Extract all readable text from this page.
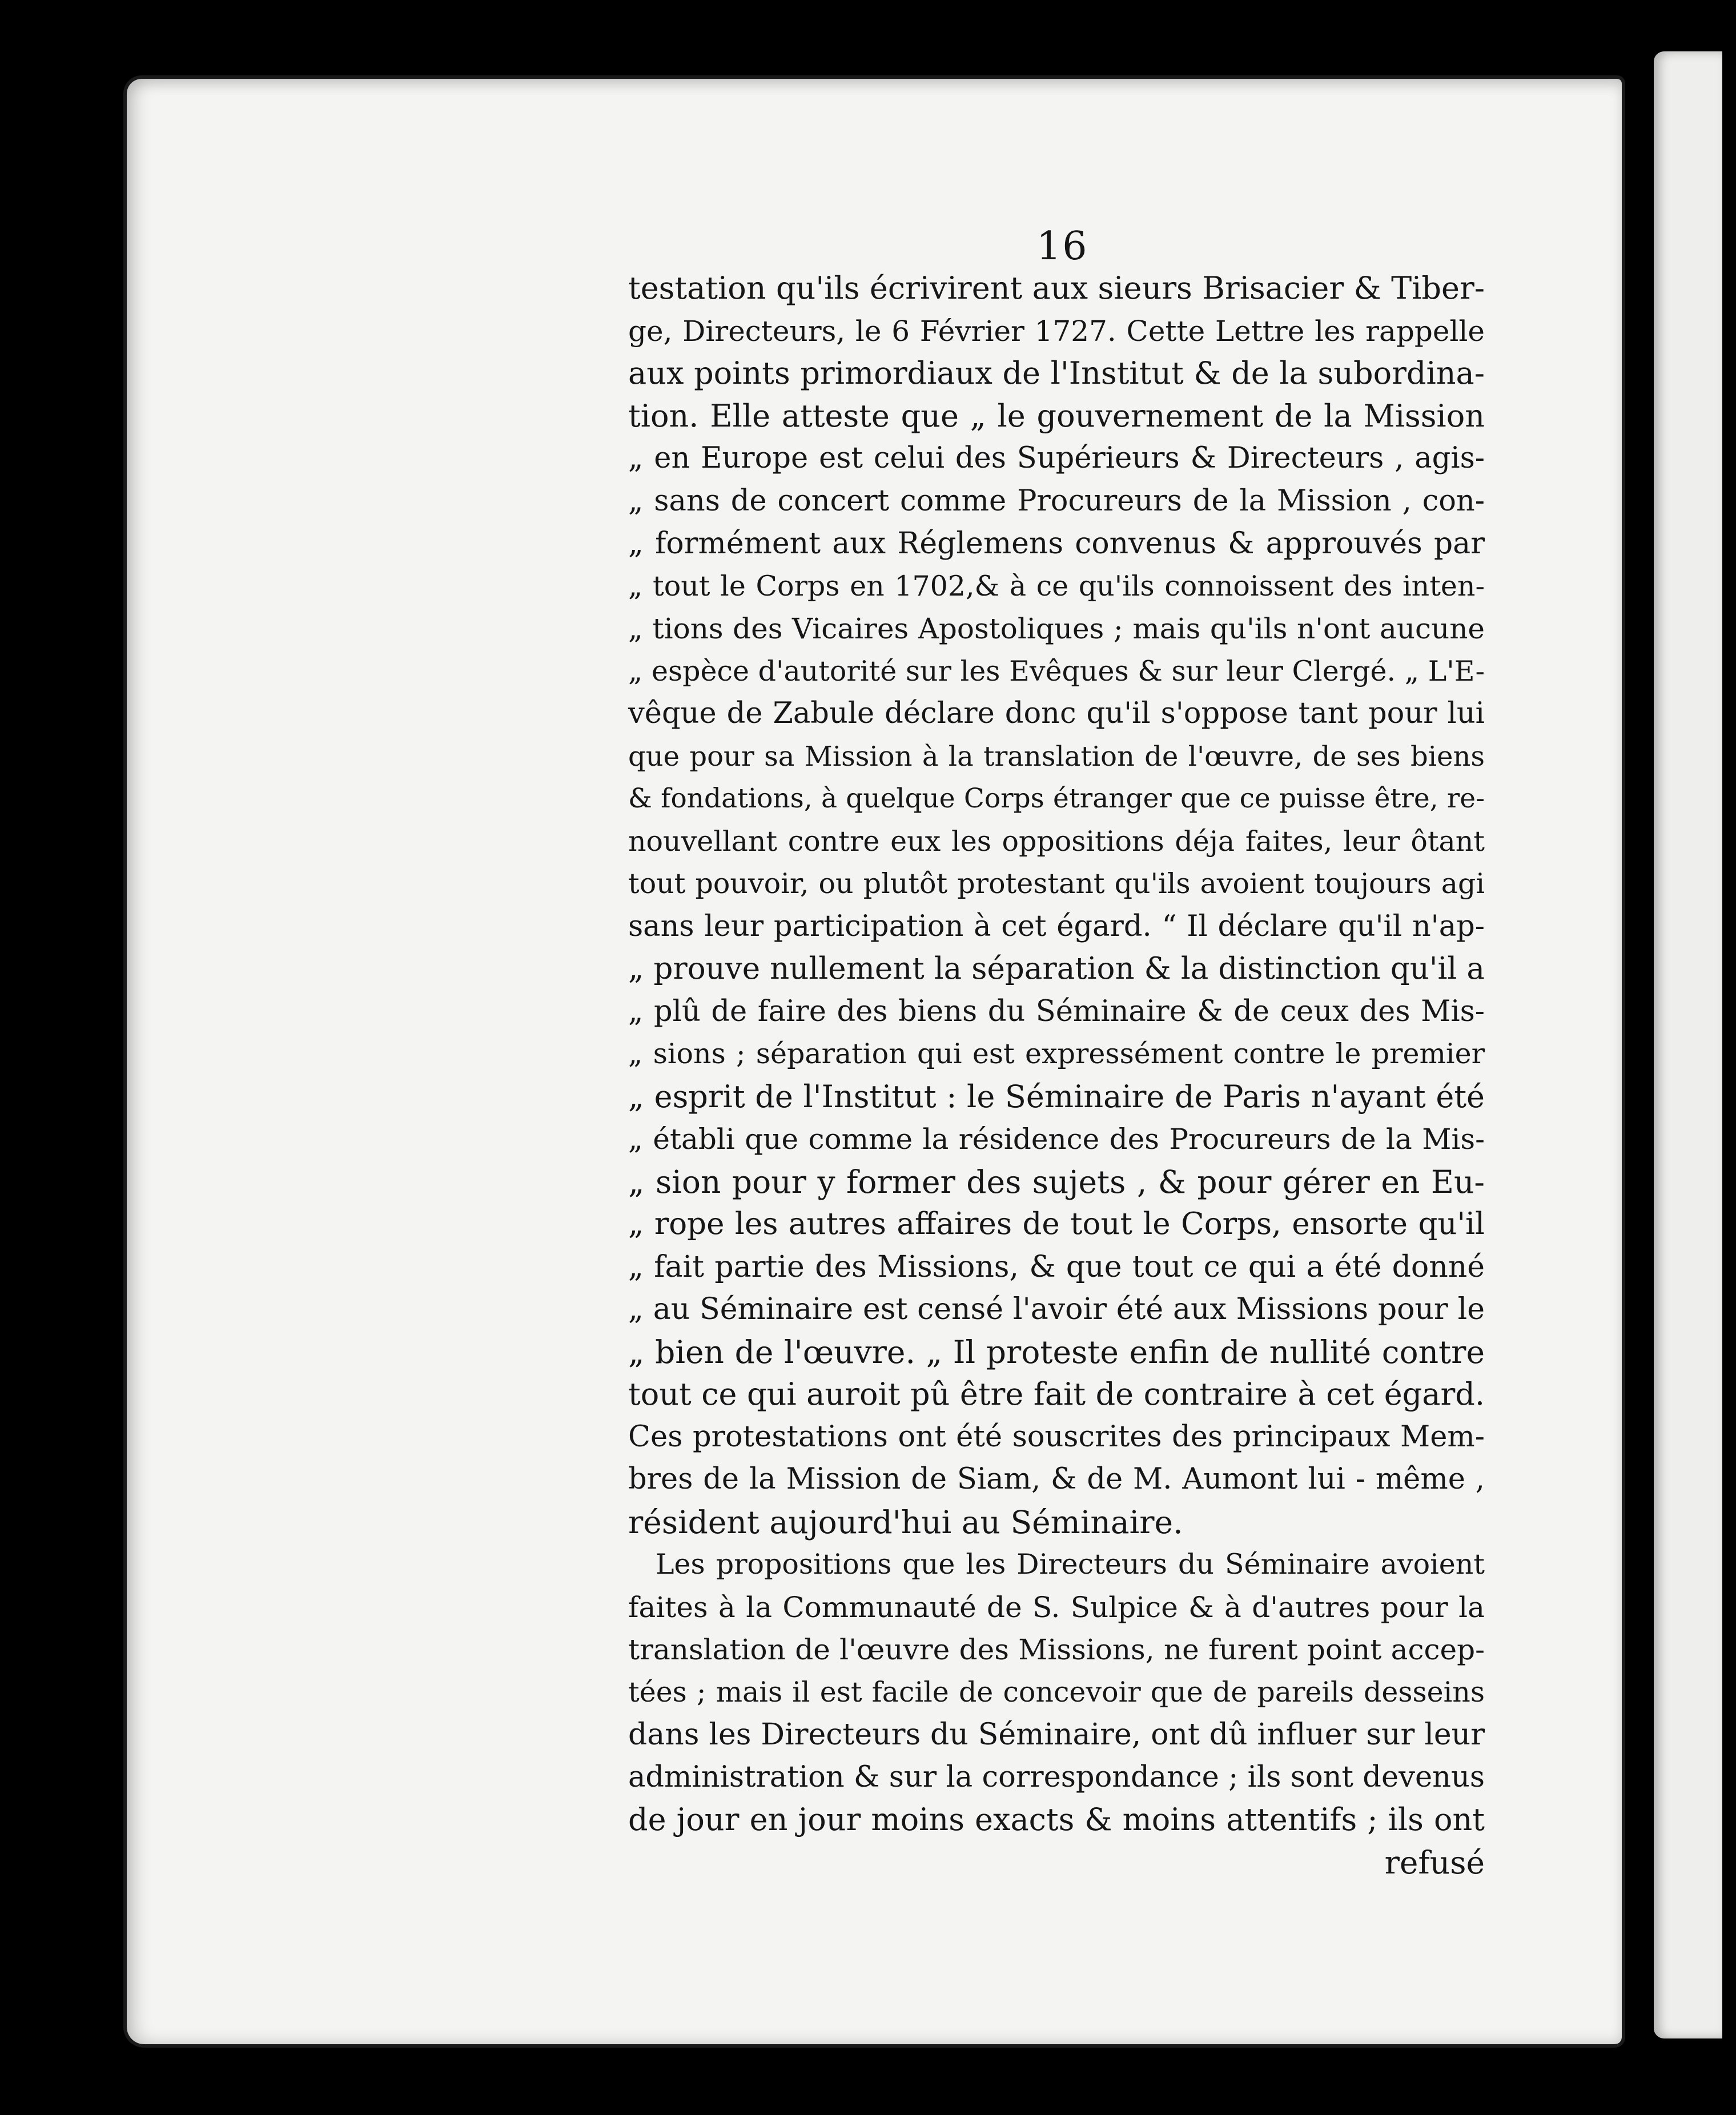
16
testation qu'ils écrivirent aux sieurs Brisacier & Tiber-
ge, Directeurs, le 6 Février 1727. Cette Lettre les rappelle
aux points primordiaux de l'Institut & de la subordina-
tion. Elle atteste que „ le gouvernement de la Mission
„ en Europe est celui des Supérieurs & Directeurs , agis-
„ sans de concert comme Procureurs de la Mission , con-
„ formément aux Réglemens convenus & approuvés par
„ tout le Corps en 1702,& à ce qu'ils connoissent des inten-
„ tions des Vicaires Apostoliques ; mais qu'ils n'ont aucune
„ espèce d'autorité sur les Evêques & sur leur Clergé. „ L'E-
vêque de Zabule déclare donc qu'il s'oppose tant pour lui
que pour sa Mission à la translation de l'œuvre, de ses biens
& fondations, à quelque Corps étranger que ce puisse être, re-
nouvellant contre eux les oppositions déja faites, leur ôtant
tout pouvoir, ou plutôt protestant qu'ils avoient toujours agi
sans leur participation à cet égard. “ Il déclare qu'il n'ap-
„ prouve nullement la séparation & la distinction qu'il a
„ plû de faire des biens du Séminaire & de ceux des Mis-
„ sions ; séparation qui est expressément contre le premier
„ esprit de l'Institut : le Séminaire de Paris n'ayant été
„ établi que comme la résidence des Procureurs de la Mis-
„ sion pour y former des sujets , & pour gérer en Eu-
„ rope les autres affaires de tout le Corps, ensorte qu'il
„ fait partie des Missions, & que tout ce qui a été donné
„ au Séminaire est censé l'avoir été aux Missions pour le
„ bien de l'œuvre. „ Il proteste enfin de nullité contre
tout ce qui auroit pû être fait de contraire à cet égard.
Ces protestations ont été souscrites des principaux Mem-
bres de la Mission de Siam, & de M. Aumont lui - même ,
résident aujourd'hui au Séminaire.
Les propositions que les Directeurs du Séminaire avoient
faites à la Communauté de S. Sulpice & à d'autres pour la
translation de l'œuvre des Missions, ne furent point accep-
tées ; mais il est facile de concevoir que de pareils desseins
dans les Directeurs du Séminaire, ont dû influer sur leur
administration & sur la correspondance ; ils sont devenus
de jour en jour moins exacts & moins attentifs ; ils ont
refusé
